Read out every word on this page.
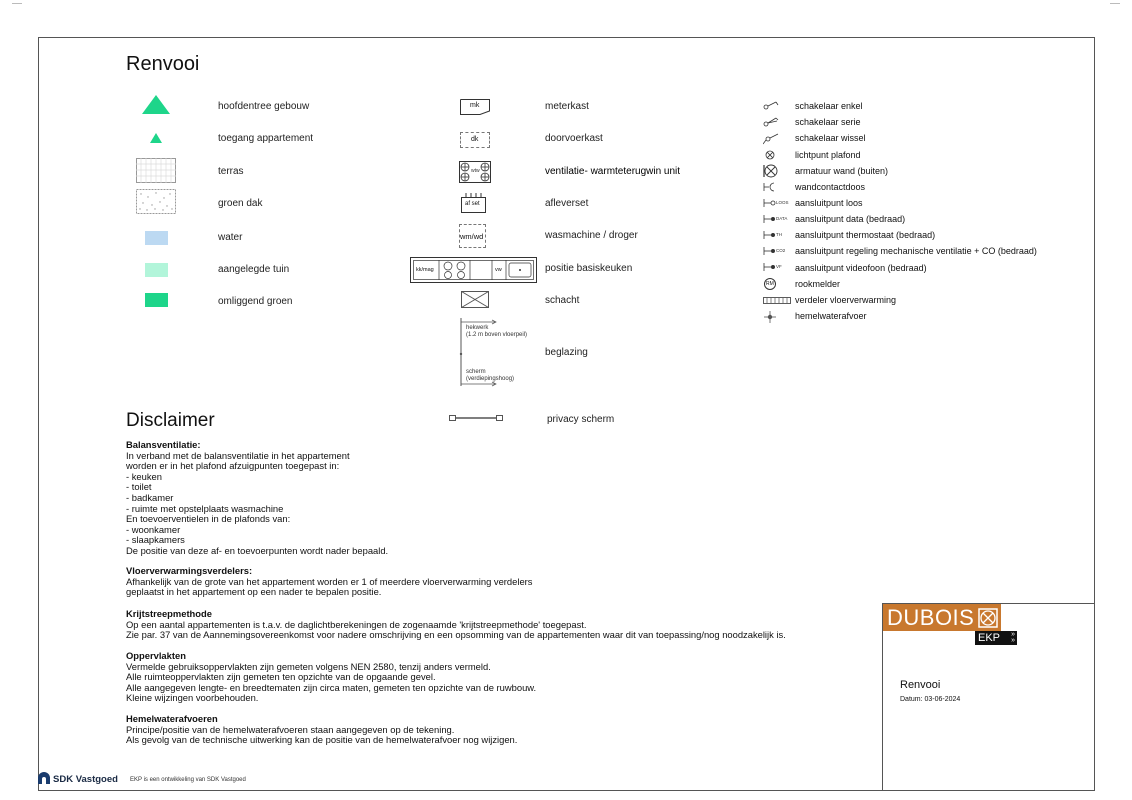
Renvooi
hoofdentree gebouw
toegang appartement
terras
groen dak
water
aangelegde tuin
omliggend groen
mk
dk
wtw
af set
wm/wd
kk/mag	vw
hekwerk
(1.2 m boven vloerpeil)
scherm
(verdiepingshoog)
meterkast
doorvoerkast
ventilatie- warmteterugwin unit
afleverset
wasmachine / droger
positie basiskeuken
schacht
beglazing
privacy scherm
LOOS
DATA
TH
CO2
VF
RM
schakelaar enkel
schakelaar serie
schakelaar wissel
lichtpunt plafond
armatuur wand (buiten)
wandcontactdoos
aansluitpunt loos
aansluitpunt data (bedraad)
aansluitpunt thermostaat (bedraad)
aansluitpunt regeling mechanische ventilatie + CO (bedraad)
aansluitpunt videofoon (bedraad)
rookmelder
verdeler vloerverwarming
hemelwaterafvoer
Disclaimer
Balansventilatie:
In verband met de balansventilatie in het appartement
worden er in het plafond afzuigpunten toegepast in:
- keuken
- toilet
- badkamer
- ruimte met opstelplaats wasmachine
En toevoerventielen in de plafonds van:
- woonkamer
- slaapkamers
De positie van deze af- en toevoerpunten wordt nader bepaald.
Vloerverwarmingsverdelers:
Afhankelijk van de grote van het appartement worden er 1 of meerdere vloerverwarming verdelers
geplaatst in het appartement op een nader te bepalen positie.
Krijtstreepmethode
Op een aantal appartementen is t.a.v. de daglichtberekeningen de zogenaamde 'krijtstreepmethode' toegepast.
Zie par. 37 van de Aannemingsovereenkomst voor nadere omschrijving en een opsomming van de appartementen waar dit van toepassing/nog noodzakelijk is.
Oppervlakten
Vermelde gebruiksoppervlakten zijn gemeten volgens NEN 2580, tenzij anders vermeld.
Alle ruimteoppervlakten zijn gemeten ten opzichte van de opgaande gevel.
Alle aangegeven lengte- en breedtematen zijn circa maten, gemeten ten opzichte van de ruwbouw.
Kleine wijzingen voorbehouden.
Hemelwaterafvoeren
Principe/positie van de hemelwaterafvoeren staan aangegeven op de tekening.
Als gevolg van de technische uitwerking kan de positie van de hemelwaterafvoer nog wijzigen.
DUBOIS
EKP »
»
Renvooi
Datum: 03-06-2024
SDK Vastgoed EKP is een ontwikkeling van SDK Vastgoed
